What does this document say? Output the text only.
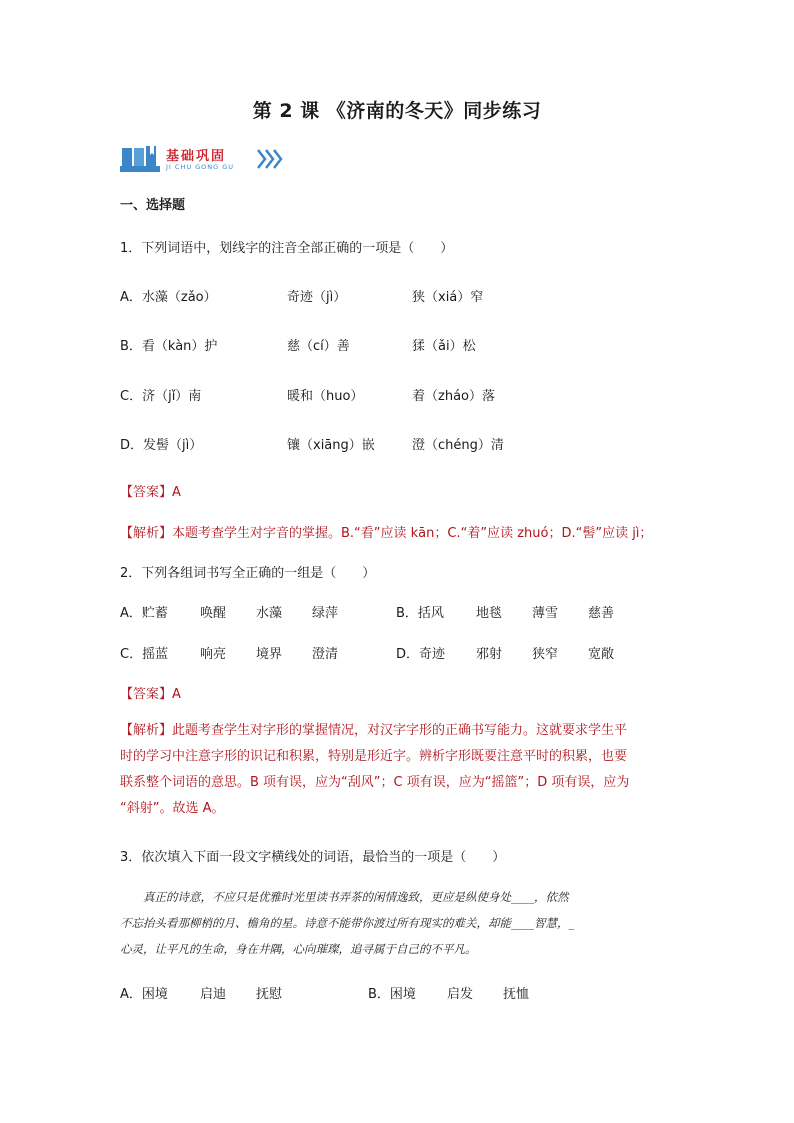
第 2 课 《济南的冬天》同步练习
基础巩固
JI CHU GONG GU
一、选择题
1．下列词语中，划线字的注音全部正确的一项是（　　）
A．水藻（zǎo）	奇迹（jì）	狭（xiá）窄
B．看（kàn）护	慈（cí）善	猱（ǎi）松
C．济（jǐ）南	暖和（huo）	着（zháo）落
D．发髻（jì）	镶（xiāng）嵌	澄（chéng）清
【答案】A
【解析】本题考查学生对字音的掌握。B.“看”应读 kān；C.“着”应读 zhuó；D.“髻”应读 jì；
2．下列各组词书写全正确的一组是（　　）
A．贮蓄 唤醒 水藻 绿萍	B．括风 地毯 薄雪 慈善
C．摇蓝 响亮 境界 澄清	D．奇迹 邪射 狭窄 宽敞
【答案】A
【解析】此题考查学生对字形的掌握情况，对汉字字形的正确书写能力。这就要求学生平
时的学习中注意字形的识记和积累，特别是形近字。辨析字形既要注意平时的积累，也要
联系整个词语的意思。B 项有误，应为“刮风”；C 项有误，应为“摇篮”；D 项有误，应为
“斜射”。故选 A。
3．依次填入下面一段文字横线处的词语，最恰当的一项是（　　）
　　真正的诗意，不应只是优雅时光里读书弄茶的闲情逸致，更应是纵使身处____，依然
不忘抬头看那柳梢的月、檐角的星。诗意不能带你渡过所有现实的难关，却能____智慧，_
心灵，让平凡的生命，身在井隅，心向璀璨，追寻属于自己的不平凡。
A．困境 启迪 抚慰	B．困境 启发 抚恤
